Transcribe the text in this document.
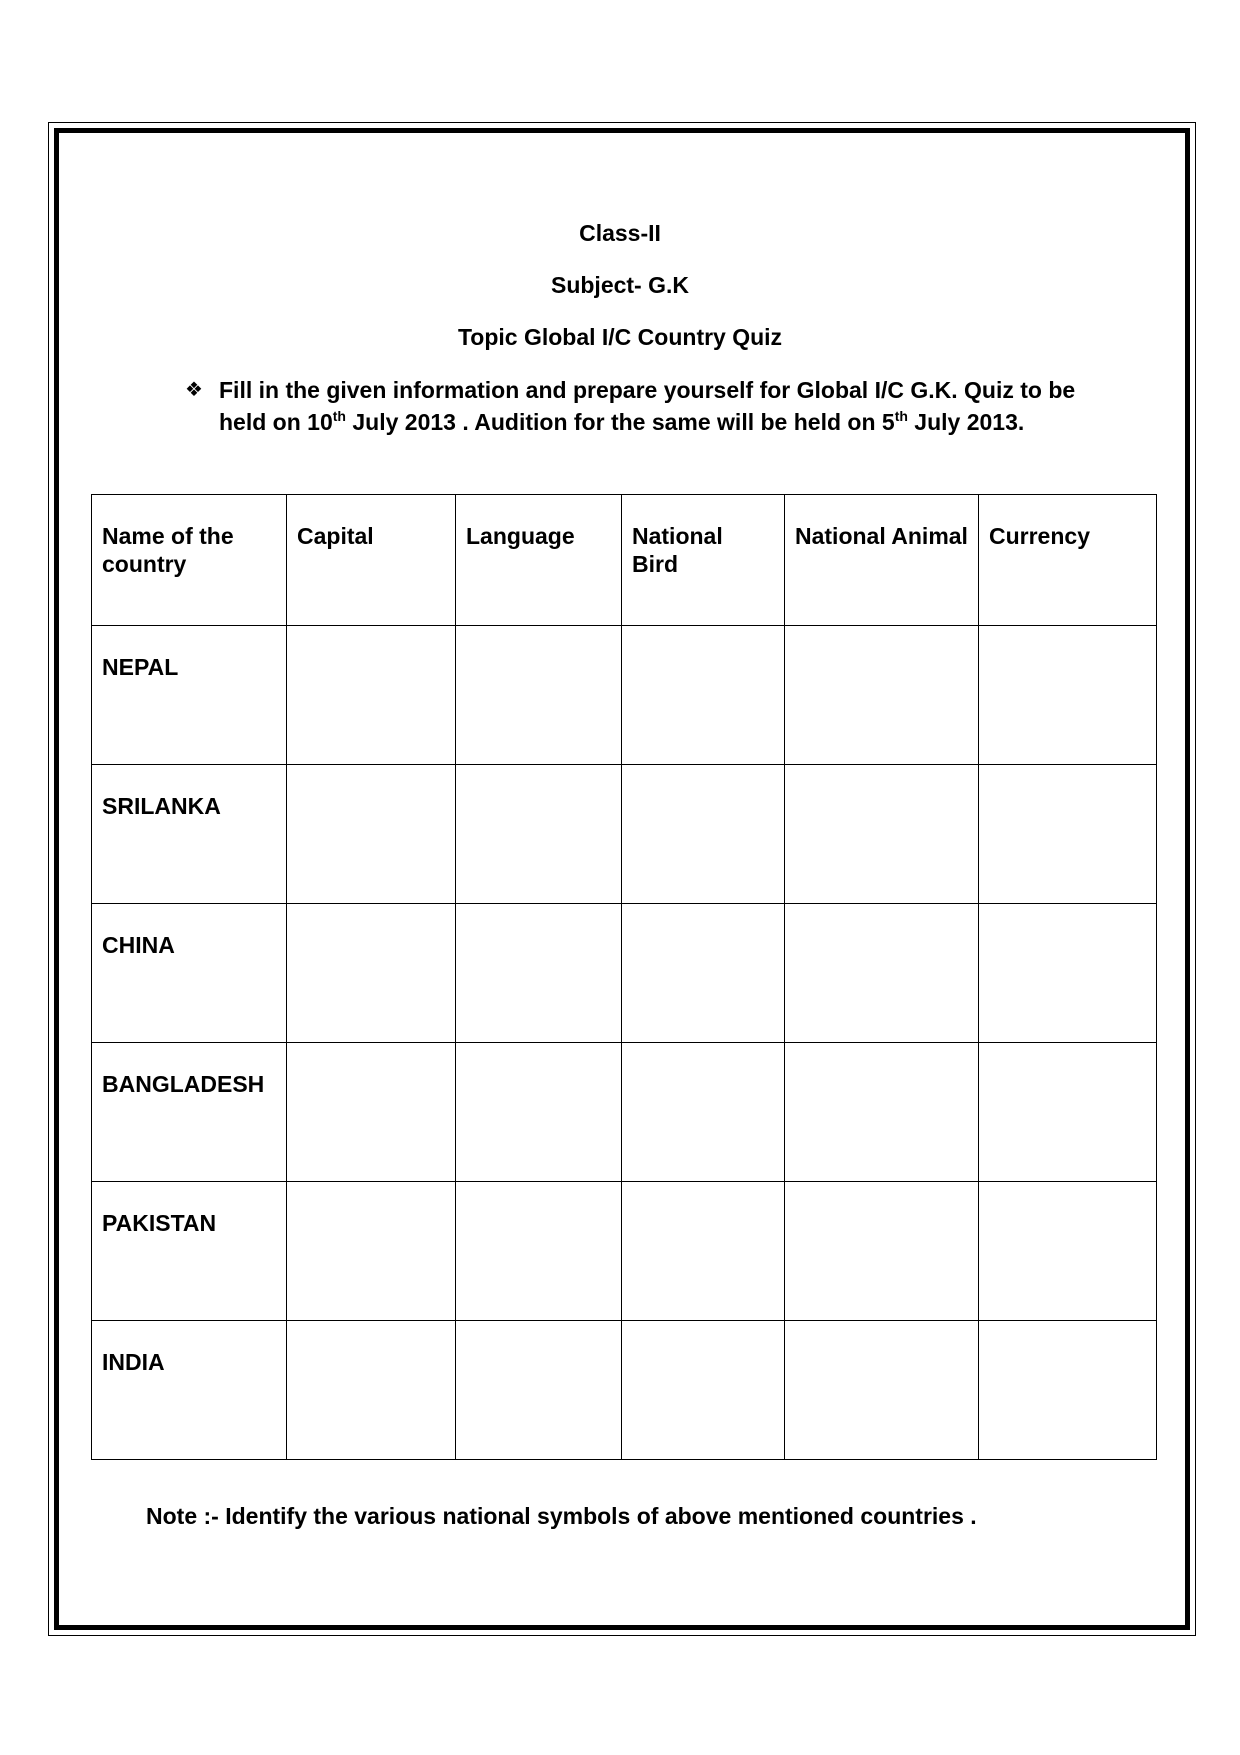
Class-II
Subject- G.K
Topic Global I/C Country Quiz
❖ Fill in the given information and prepare yourself for Global I/C G.K. Quiz to be held on 10th July 2013 . Audition for the same will be held on 5th July 2013.
Name of the country	Capital	Language	National Bird	National Animal	Currency
NEPAL					
SRILANKA					
CHINA					
BANGLADESH					
PAKISTAN					
INDIA					
Note :- Identify the various national symbols of above mentioned countries .
